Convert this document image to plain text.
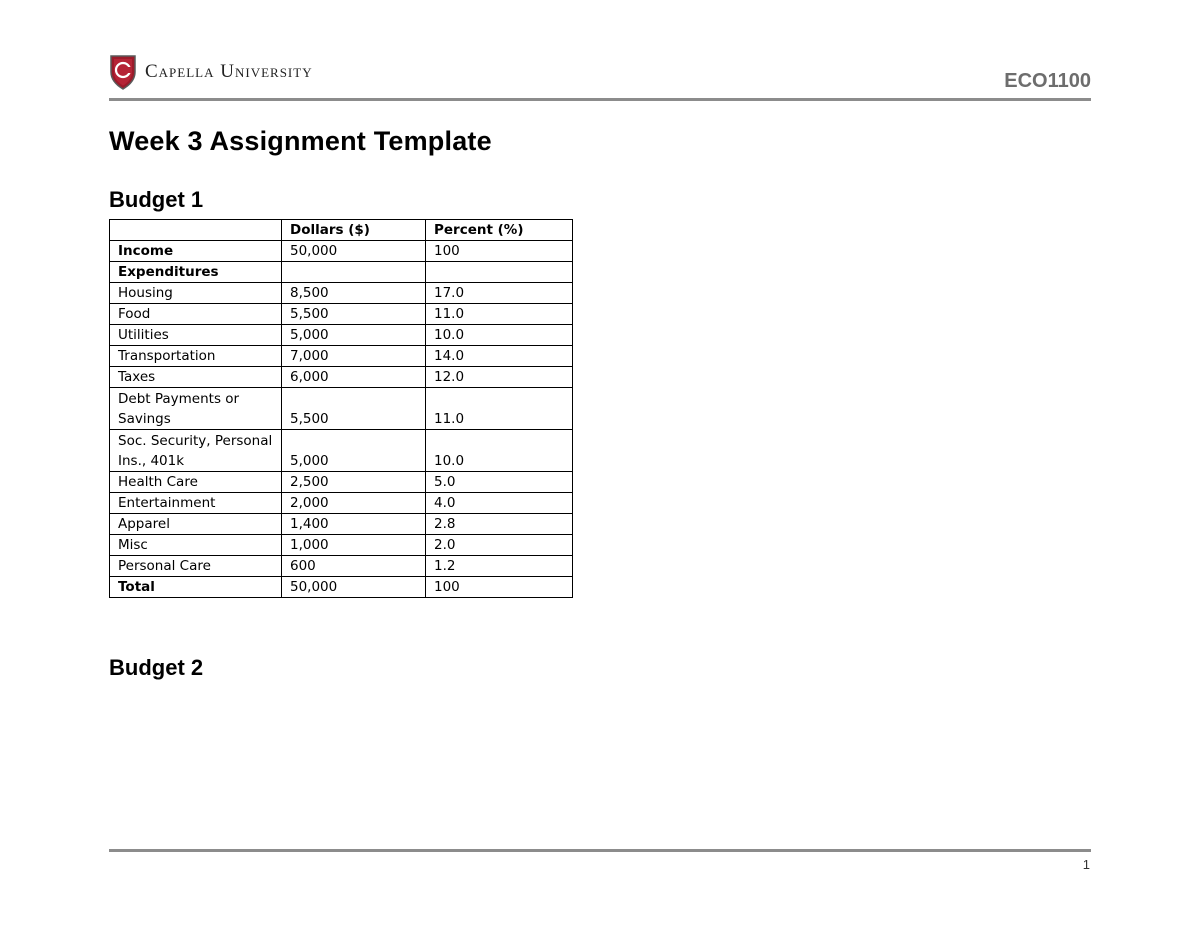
Capella University	ECO1100
Week 3 Assignment Template
Budget 1
	Dollars ($)	Percent (%)
Income	50,000	100
Expenditures		
Housing	8,500	17.0
Food	5,500	11.0
Utilities	5,000	10.0
Transportation	7,000	14.0
Taxes	6,000	12.0
Debt Payments or Savings	5,500	11.0
Soc. Security, Personal Ins., 401k	5,000	10.0
Health Care	2,500	5.0
Entertainment	2,000	4.0
Apparel	1,400	2.8
Misc	1,000	2.0
Personal Care	600	1.2
Total	50,000	100
Budget 2
1
